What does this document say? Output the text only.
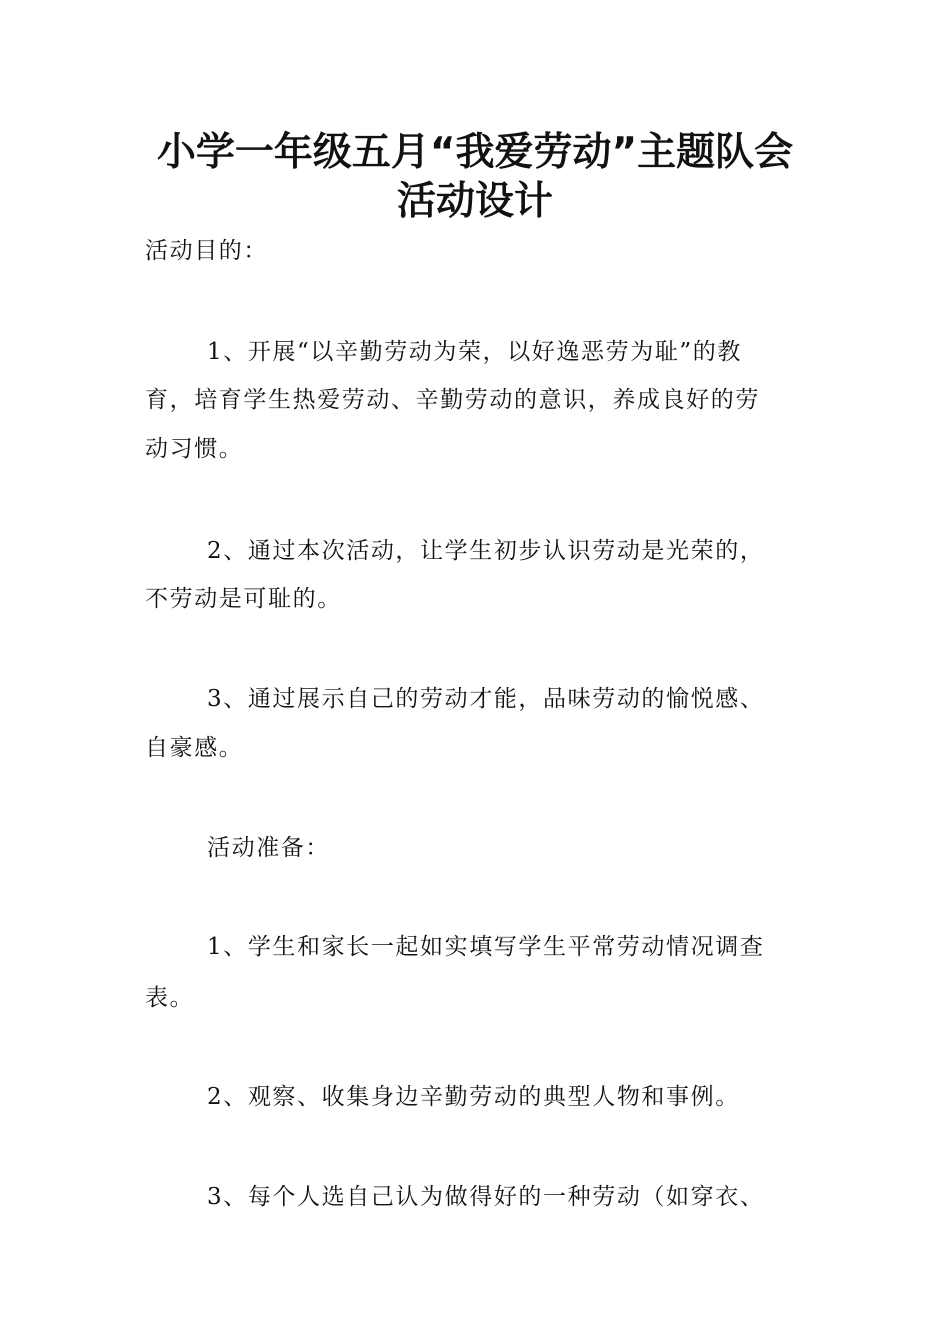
小学一年级五月“我爱劳动”主题队会
活动设计
活动目的：
1、开展“以辛勤劳动为荣，以好逸恶劳为耻”的教
育，培育学生热爱劳动、辛勤劳动的意识，养成良好的劳
动习惯。
2、通过本次活动，让学生初步认识劳动是光荣的，
不劳动是可耻的。
3、通过展示自己的劳动才能，品味劳动的愉悦感、
自豪感。
活动准备：
1、学生和家长一起如实填写学生平常劳动情况调查
表。
2、观察、收集身边辛勤劳动的典型人物和事例。
3、每个人选自己认为做得好的一种劳动（如穿衣、
